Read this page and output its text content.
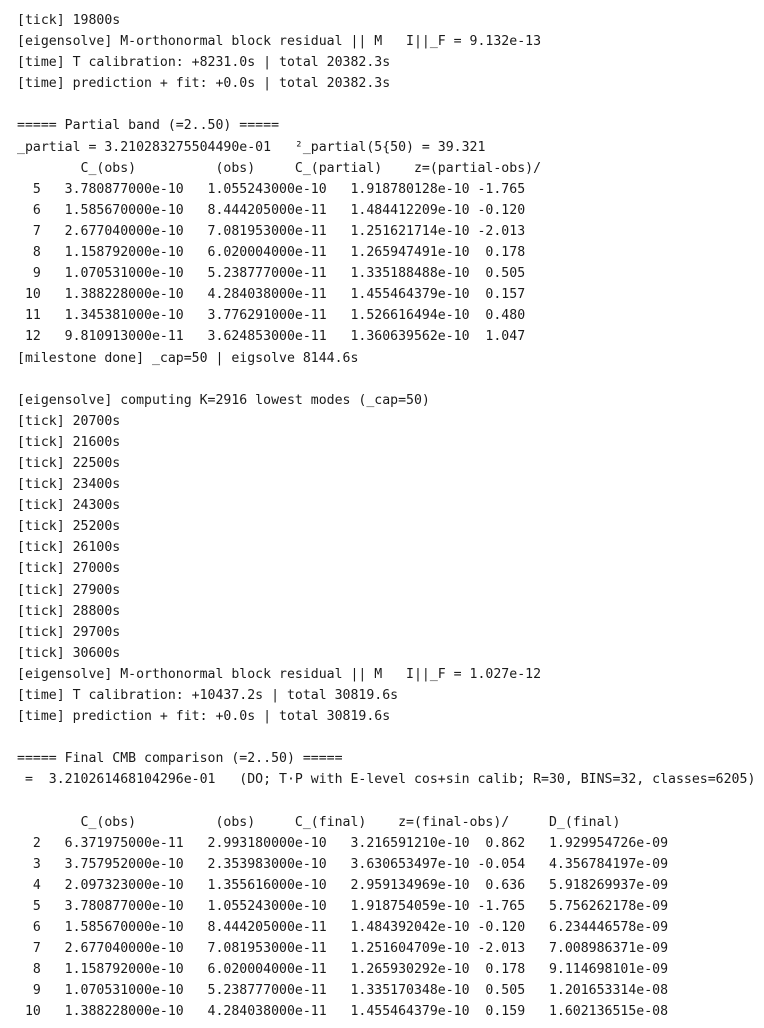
[tick] 19800s
[eigensolve] M-orthonormal block residual || M   I||_F = 9.132e-13
[time] T calibration: +8231.0s | total 20382.3s
[time] prediction + fit: +0.0s | total 20382.3s
===== Partial band (=2..50) =====
_partial = 3.210283275504490e-01   ²_partial(5{50) = 39.321
C_(obs)          (obs)     C_(partial)    z=(partial-obs)/
5   3.780877000e-10   1.055243000e-10   1.918780128e-10 -1.765
6   1.585670000e-10   8.444205000e-11   1.484412209e-10 -0.120
7   2.677040000e-10   7.081953000e-11   1.251621714e-10 -2.013
8   1.158792000e-10   6.020004000e-11   1.265947491e-10  0.178
9   1.070531000e-10   5.238777000e-11   1.335188488e-10  0.505
10   1.388228000e-10   4.284038000e-11   1.455464379e-10  0.157
11   1.345381000e-10   3.776291000e-11   1.526616494e-10  0.480
12   9.810913000e-11   3.624853000e-11   1.360639562e-10  1.047
[milestone done] _cap=50 | eigsolve 8144.6s
[eigensolve] computing K=2916 lowest modes (_cap=50)
[tick] 20700s
[tick] 21600s
[tick] 22500s
[tick] 23400s
[tick] 24300s
[tick] 25200s
[tick] 26100s
[tick] 27000s
[tick] 27900s
[tick] 28800s
[tick] 29700s
[tick] 30600s
[eigensolve] M-orthonormal block residual || M   I||_F = 1.027e-12
[time] T calibration: +10437.2s | total 30819.6s
[time] prediction + fit: +0.0s | total 30819.6s
===== Final CMB comparison (=2..50) =====
=  3.210261468104296e-01   (DO; T·P with E-level cos+sin calib; R=30, BINS=32, classes=6205)
C_(obs)          (obs)     C_(final)    z=(final-obs)/     D_(final)
2   6.371975000e-11   2.993180000e-10   3.216591210e-10  0.862   1.929954726e-09
3   3.757952000e-10   2.353983000e-10   3.630653497e-10 -0.054   4.356784197e-09
4   2.097323000e-10   1.355616000e-10   2.959134969e-10  0.636   5.918269937e-09
5   3.780877000e-10   1.055243000e-10   1.918754059e-10 -1.765   5.756262178e-09
6   1.585670000e-10   8.444205000e-11   1.484392042e-10 -0.120   6.234446578e-09
7   2.677040000e-10   7.081953000e-11   1.251604709e-10 -2.013   7.008986371e-09
8   1.158792000e-10   6.020004000e-11   1.265930292e-10  0.178   9.114698101e-09
9   1.070531000e-10   5.238777000e-11   1.335170348e-10  0.505   1.201653314e-08
10   1.388228000e-10   4.284038000e-11   1.455464379e-10  0.159   1.602136515e-08
